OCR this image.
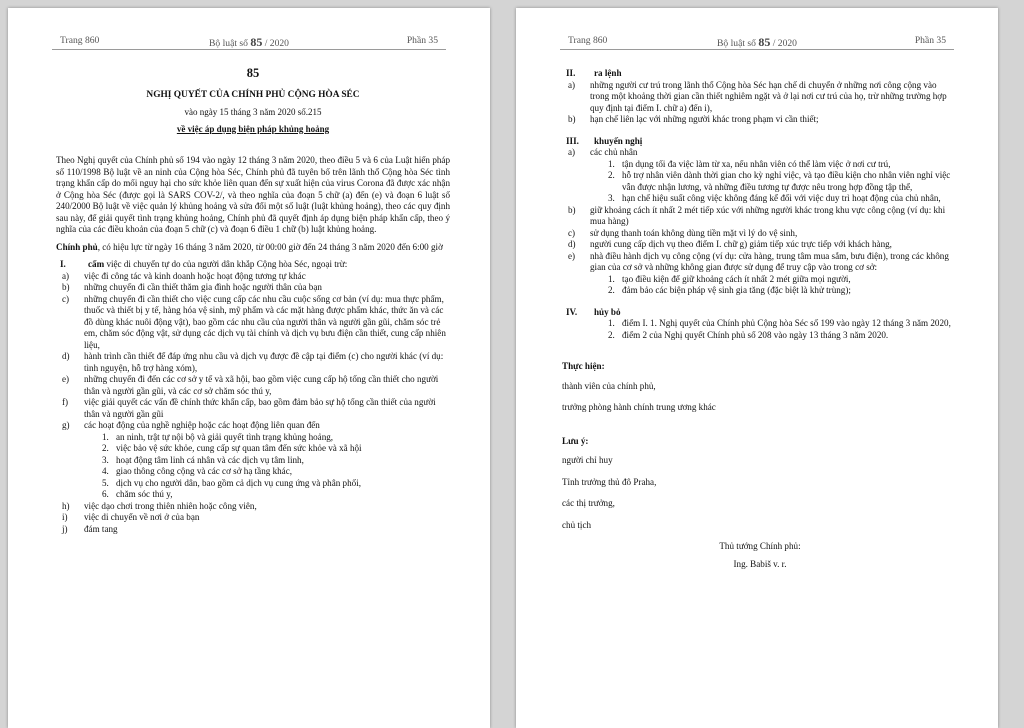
Trang 860	Bộ luật số 85 / 2020	Phần 35
85
NGHỊ QUYẾT CỦA CHÍNH PHỦ CỘNG HÒA SÉC
vào ngày 15 tháng 3 năm 2020 số.215
về việc áp dụng biện pháp khủng hoảng
Theo Nghị quyết của Chính phủ số 194 vào ngày 12 tháng 3 năm 2020, theo điều 5 và 6 của Luật hiến pháp số 110/1998 Bộ luật về an ninh của Cộng hòa Séc, Chính phủ đã tuyên bố trên lãnh thổ Cộng hòa Séc tình trạng khẩn cấp do mối nguy hại cho sức khỏe liên quan đến sự xuất hiện của virus Corona đã được xác nhận ở Cộng hòa Séc (được gọi là SARS COV-2/, và theo nghĩa của đoạn 5 chữ (a) đến (e) và đoạn 6 luật số 240/2000 Bộ luật về việc quản lý khủng hoảng và sửa đổi một số luật (luật khủng hoảng), theo các quy định sau này, để giải quyết tình trạng khủng hoảng, Chính phủ đã quyết định áp dụng biện pháp khẩn cấp, theo ý nghĩa của các điều khoản của đoạn 5 chữ (c) và đoạn 6 điều 1 chữ (b) luật khủng hoảng.
Chính phủ, có hiệu lực từ ngày 16 tháng 3 năm 2020, từ 00:00 giờ đến 24 tháng 3 năm 2020 đến 6:00 giờ
I.	cấm việc di chuyển tự do của người dân khắp Cộng hòa Séc, ngoại trừ:
a)	việc đi công tác và kinh doanh hoặc hoạt động tương tự khác
b)	những chuyến đi cần thiết thăm gia đình hoặc người thân của bạn
c)	những chuyến đi cần thiết cho việc cung cấp các nhu cầu cuộc sống cơ bản (ví dụ: mua thực phẩm, thuốc và thiết bị y tế, hàng hóa vệ sinh, mỹ phẩm và các mặt hàng được phẩm khác, thức ăn và các đồ dùng khác nuôi động vật), bao gồm các nhu cầu của người thân và người gần gũi, chăm sóc trẻ em, chăm sóc động vật, sử dụng các dịch vụ tài chính và dịch vụ bưu điện cần thiết, cung cấp nhiên liệu,
d)	hành trình cần thiết để đáp ứng nhu cầu và dịch vụ được đề cập tại điểm (c) cho người khác (ví dụ: tình nguyện, hỗ trợ hàng xóm),
e)	những chuyến đi đến các cơ sở y tế và xã hội, bao gồm việc cung cấp hộ tống cần thiết cho người thân và người gần gũi, và các cơ sở chăm sóc thú y,
f)	việc giải quyết các vấn đề chính thức khẩn cấp, bao gồm đảm bảo sự hộ tống cần thiết của người thân và người gần gũi
g)	các hoạt động của nghề nghiệp hoặc các hoạt động liên quan đến
1. an ninh, trật tự nội bộ và giải quyết tình trạng khủng hoảng,
2. việc bảo vệ sức khỏe, cung cấp sự quan tâm đến sức khỏe và xã hội
3. hoạt động tâm linh cá nhân và các dịch vụ tâm linh,
4. giao thông công cộng và các cơ sở hạ tầng khác,
5. dịch vụ cho người dân, bao gồm cả dịch vụ cung ứng và phân phối,
6. chăm sóc thú y,
h)	việc dạo chơi trong thiên nhiên hoặc công viên,
i)	việc di chuyển về nơi ở của bạn
j)	đám tang
Trang 860	Bộ luật số 85 / 2020	Phần 35
II.	ra lệnh
a)	những người cư trú trong lãnh thổ Cộng hòa Séc hạn chế di chuyển ở những nơi công cộng vào trong một khoảng thời gian cần thiết nghiêm ngặt và ở lại nơi cư trú của họ, trừ những trường hợp quy định tại điểm I. chữ a) đến i),
b)	hạn chế liên lạc với những người khác trong phạm vi cần thiết;
III.	khuyến nghị
a)	các chủ nhân
1. tận dụng tối đa việc làm từ xa, nếu nhân viên có thể làm việc ở nơi cư trú,
2. hỗ trợ nhân viên dành thời gian cho kỳ nghỉ việc, và tạo điều kiện cho nhân viên nghỉ việc vẫn được nhận lương, và những điều tương tự được nêu trong hợp đồng tập thể,
3. hạn chế hiệu suất công việc không đáng kể đối với việc duy trì hoạt động của chủ nhân,
b)	giữ khoảng cách ít nhất 2 mét tiếp xúc với những người khác trong khu vực công cộng (ví dụ: khi mua hàng)
c)	sử dụng thanh toán không dùng tiền mặt vì lý do vệ sinh,
d)	người cung cấp dịch vụ theo điểm I. chữ g) giảm tiếp xúc trực tiếp với khách hàng,
e)	nhà điều hành dịch vụ công cộng (ví dụ: cửa hàng, trung tâm mua sắm, bưu điện), trong các không gian của cơ sở và những không gian được sử dụng để truy cập vào trong cơ sở:
1. tạo điều kiện để giữ khoảng cách ít nhất 2 mét giữa mọi người,
2. đảm bảo các biện pháp vệ sinh gia tăng (đặc biệt là khử trùng);
IV.	hủy bỏ
1. điểm I. 1. Nghị quyết của Chính phủ Cộng hòa Séc số 199 vào ngày 12 tháng 3 năm 2020,
2. điểm 2 của Nghị quyết Chính phủ số 208 vào ngày 13 tháng 3 năm 2020.
Thực hiện:
thành viên của chính phủ,
trưởng phòng hành chính trung ương khác
Lưu ý:
người chỉ huy
Tỉnh trưởng thủ đô Praha,
các thị trưởng,
chủ tịch
Thủ tướng Chính phủ:
Ing. Babiš v. r.
